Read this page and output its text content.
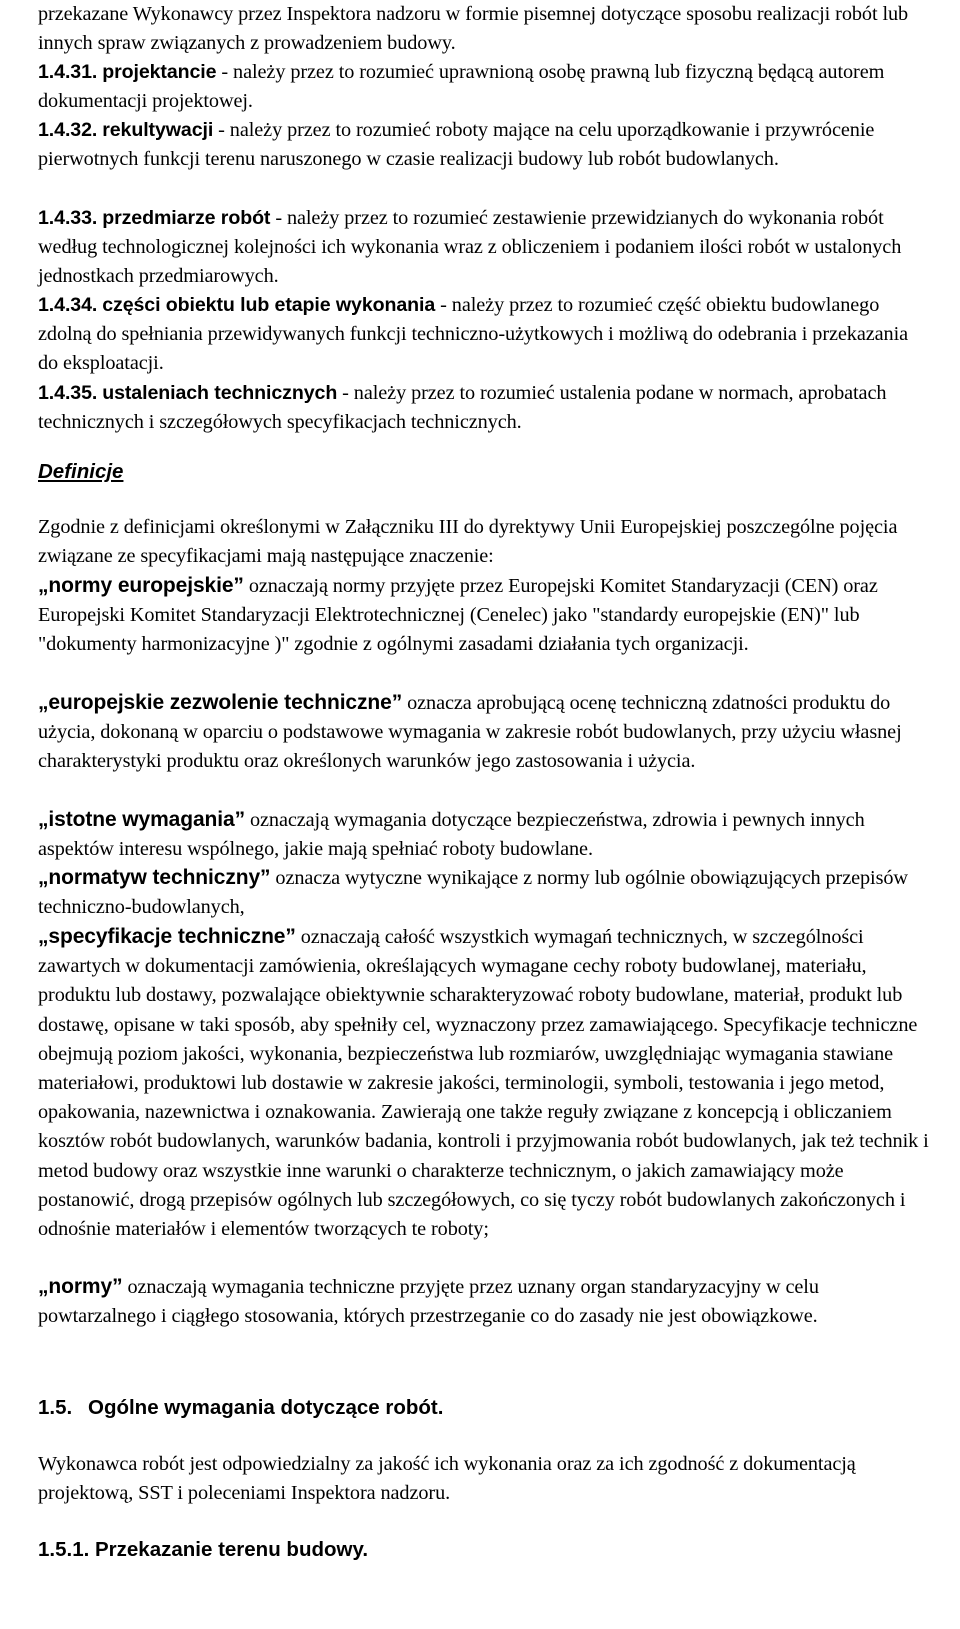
przekazane Wykonawcy przez Inspektora nadzoru w formie pisemnej dotyczące sposobu realizacji robót lub innych spraw związanych z prowadzeniem budowy.

1.4.31. projektancie - należy przez to rozumieć uprawnioną osobę prawną lub fizyczną będącą autorem dokumentacji projektowej.

1.4.32. rekultywacji - należy przez to rozumieć roboty mające na celu uporządkowanie i przywrócenie pierwotnych funkcji terenu naruszonego w czasie realizacji budowy lub robót budowlanych.

1.4.33. przedmiarze robót - należy przez to rozumieć zestawienie przewidzianych do wykonania robót według technologicznej kolejności ich wykonania wraz z obliczeniem i podaniem ilości robót w ustalonych jednostkach przedmiarowych.

1.4.34. części obiektu lub etapie wykonania - należy przez to rozumieć część obiektu budowlanego zdolną do spełniania przewidywanych funkcji techniczno-użytkowych i możliwą do odebrania i przekazania do eksploatacji.

1.4.35. ustaleniach technicznych - należy przez to rozumieć ustalenia podane w normach, aprobatach technicznych i szczegółowych specyfikacjach technicznych.

Definicje

Zgodnie z definicjami określonymi w Załączniku III do dyrektywy Unii Europejskiej poszczególne pojęcia związane ze specyfikacjami mają następujące znaczenie:

„normy europejskie” oznaczają normy przyjęte przez Europejski Komitet Standaryzacji (CEN) oraz Europejski Komitet Standaryzacji Elektrotechnicznej (Cenelec) jako "standardy europejskie (EN)" lub "dokumenty harmonizacyjne )" zgodnie z ogólnymi zasadami działania tych organizacji.

„europejskie zezwolenie techniczne” oznacza aprobującą ocenę techniczną zdatności produktu do użycia, dokonaną w oparciu o podstawowe wymagania w zakresie robót budowlanych, przy użyciu własnej charakterystyki produktu oraz określonych warunków jego zastosowania i użycia.

„istotne wymagania” oznaczają wymagania dotyczące bezpieczeństwa, zdrowia i pewnych innych aspektów interesu wspólnego, jakie mają spełniać roboty budowlane.

„normatyw techniczny” oznacza wytyczne wynikające z normy lub ogólnie obowiązujących przepisów techniczno-budowlanych,

„specyfikacje techniczne” oznaczają całość wszystkich wymagań technicznych, w szczególności zawartych w dokumentacji zamówienia, określających wymagane cechy roboty budowlanej, materiału, produktu lub dostawy, pozwalające obiektywnie scharakteryzować roboty budowlane, materiał, produkt lub dostawę, opisane w taki sposób, aby spełniły cel, wyznaczony przez zamawiającego. Specyfikacje techniczne obejmują poziom jakości, wykonania, bezpieczeństwa lub rozmiarów, uwzględniając wymagania stawiane materiałowi, produktowi lub dostawie w zakresie jakości, terminologii, symboli, testowania i jego metod, opakowania, nazewnictwa i oznakowania. Zawierają one także reguły związane z koncepcją i obliczaniem kosztów robót budowlanych, warunków badania, kontroli i przyjmowania robót budowlanych, jak też technik i metod budowy oraz wszystkie inne warunki o charakterze technicznym, o jakich zamawiający może postanowić, drogą przepisów ogólnych lub szczegółowych, co się tyczy robót budowlanych zakończonych i odnośnie materiałów i elementów tworzących te roboty;

„normy” oznaczają wymagania techniczne przyjęte przez uznany organ standaryzacyjny w celu powtarzalnego i ciągłego stosowania, których przestrzeganie co do zasady nie jest obowiązkowe.

1.5. Ogólne wymagania dotyczące robót.

Wykonawca robót jest odpowiedzialny za jakość ich wykonania oraz za ich zgodność z dokumentacją projektową, SST i poleceniami Inspektora nadzoru.

1.5.1. Przekazanie terenu budowy.
